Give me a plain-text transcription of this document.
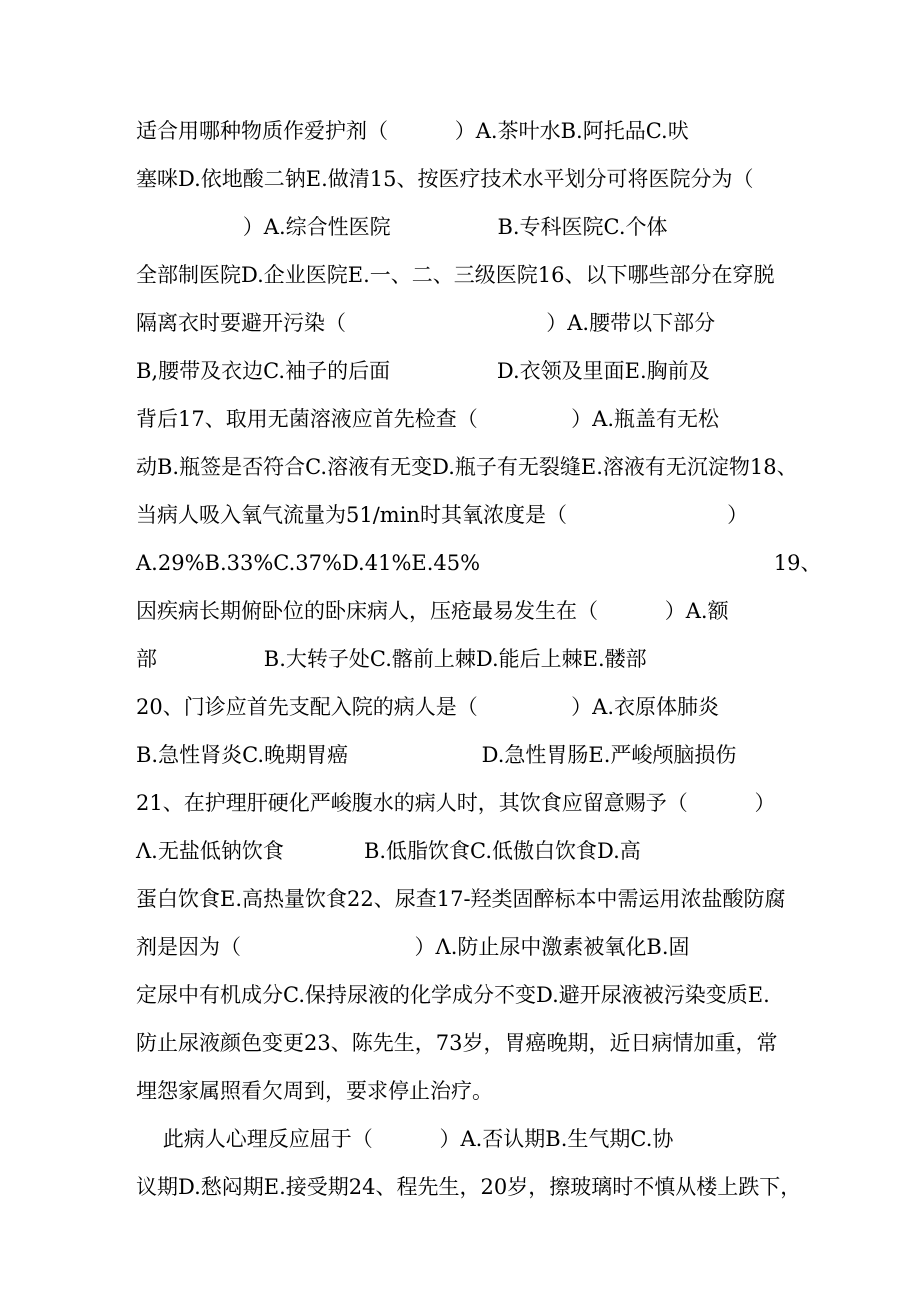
适合用哪种物质作爱护剂（          ）A.茶叶水B.阿托品C.吠
塞咪D.依地酸二钠E.做清15、按医疗技术水平划分可将医院分为（
）A.综合性医院                B.专科医院C.个体
全部制医院D.企业医院E.一、二、三级医院16、以下哪些部分在穿脱
隔离衣时要避开污染（                              ）A.腰带以下部分
B,腰带及衣边C.袖子的后面                D.衣领及里面E.胸前及
背后17、取用无菌溶液应首先检查（              ）A.瓶盖有无松
动B.瓶签是否符合C.溶液有无变D.瓶子有无裂缝E.溶液有无沉淀物18、
当病人吸入氧气流量为51∕min时其氧浓度是（                        ）
A.29%B.33%C.37%D.41%E.45%                                            19、
因疾病长期俯卧位的卧床病人，压疮最易发生在（          ）A.额
部                B.大转子处C.髂前上棘D.能后上棘E.髅部
20、门诊应首先支配入院的病人是（              ）A.衣原体肺炎
B.急性肾炎C.晚期胃癌                    D.急性胃肠E.严峻颅脑损伤
21、在护理肝硬化严峻腹水的病人时，其饮食应留意赐予（          ）
Λ.无盐低钠饮食            B.低脂饮食C.低傲白饮食D.高
蛋白饮食E.高热量饮食22、尿查17-羟类固醉标本中需运用浓盐酸防腐
剂是因为（                          ）Λ.防止尿中激素被氧化B.固
定尿中有机成分C.保持尿液的化学成分不变D.避开尿液被污染变质E.
防止尿液颜色变更23、陈先生，73岁，胃癌晚期，近日病情加重，常
埋怨家属照看欠周到，要求停止治疗。
此病人心理反应屈于（          ）A.否认期B.生气期C.协
议期D.愁闷期E.接受期24、程先生，20岁，擦玻璃时不慎从楼上跌下，
